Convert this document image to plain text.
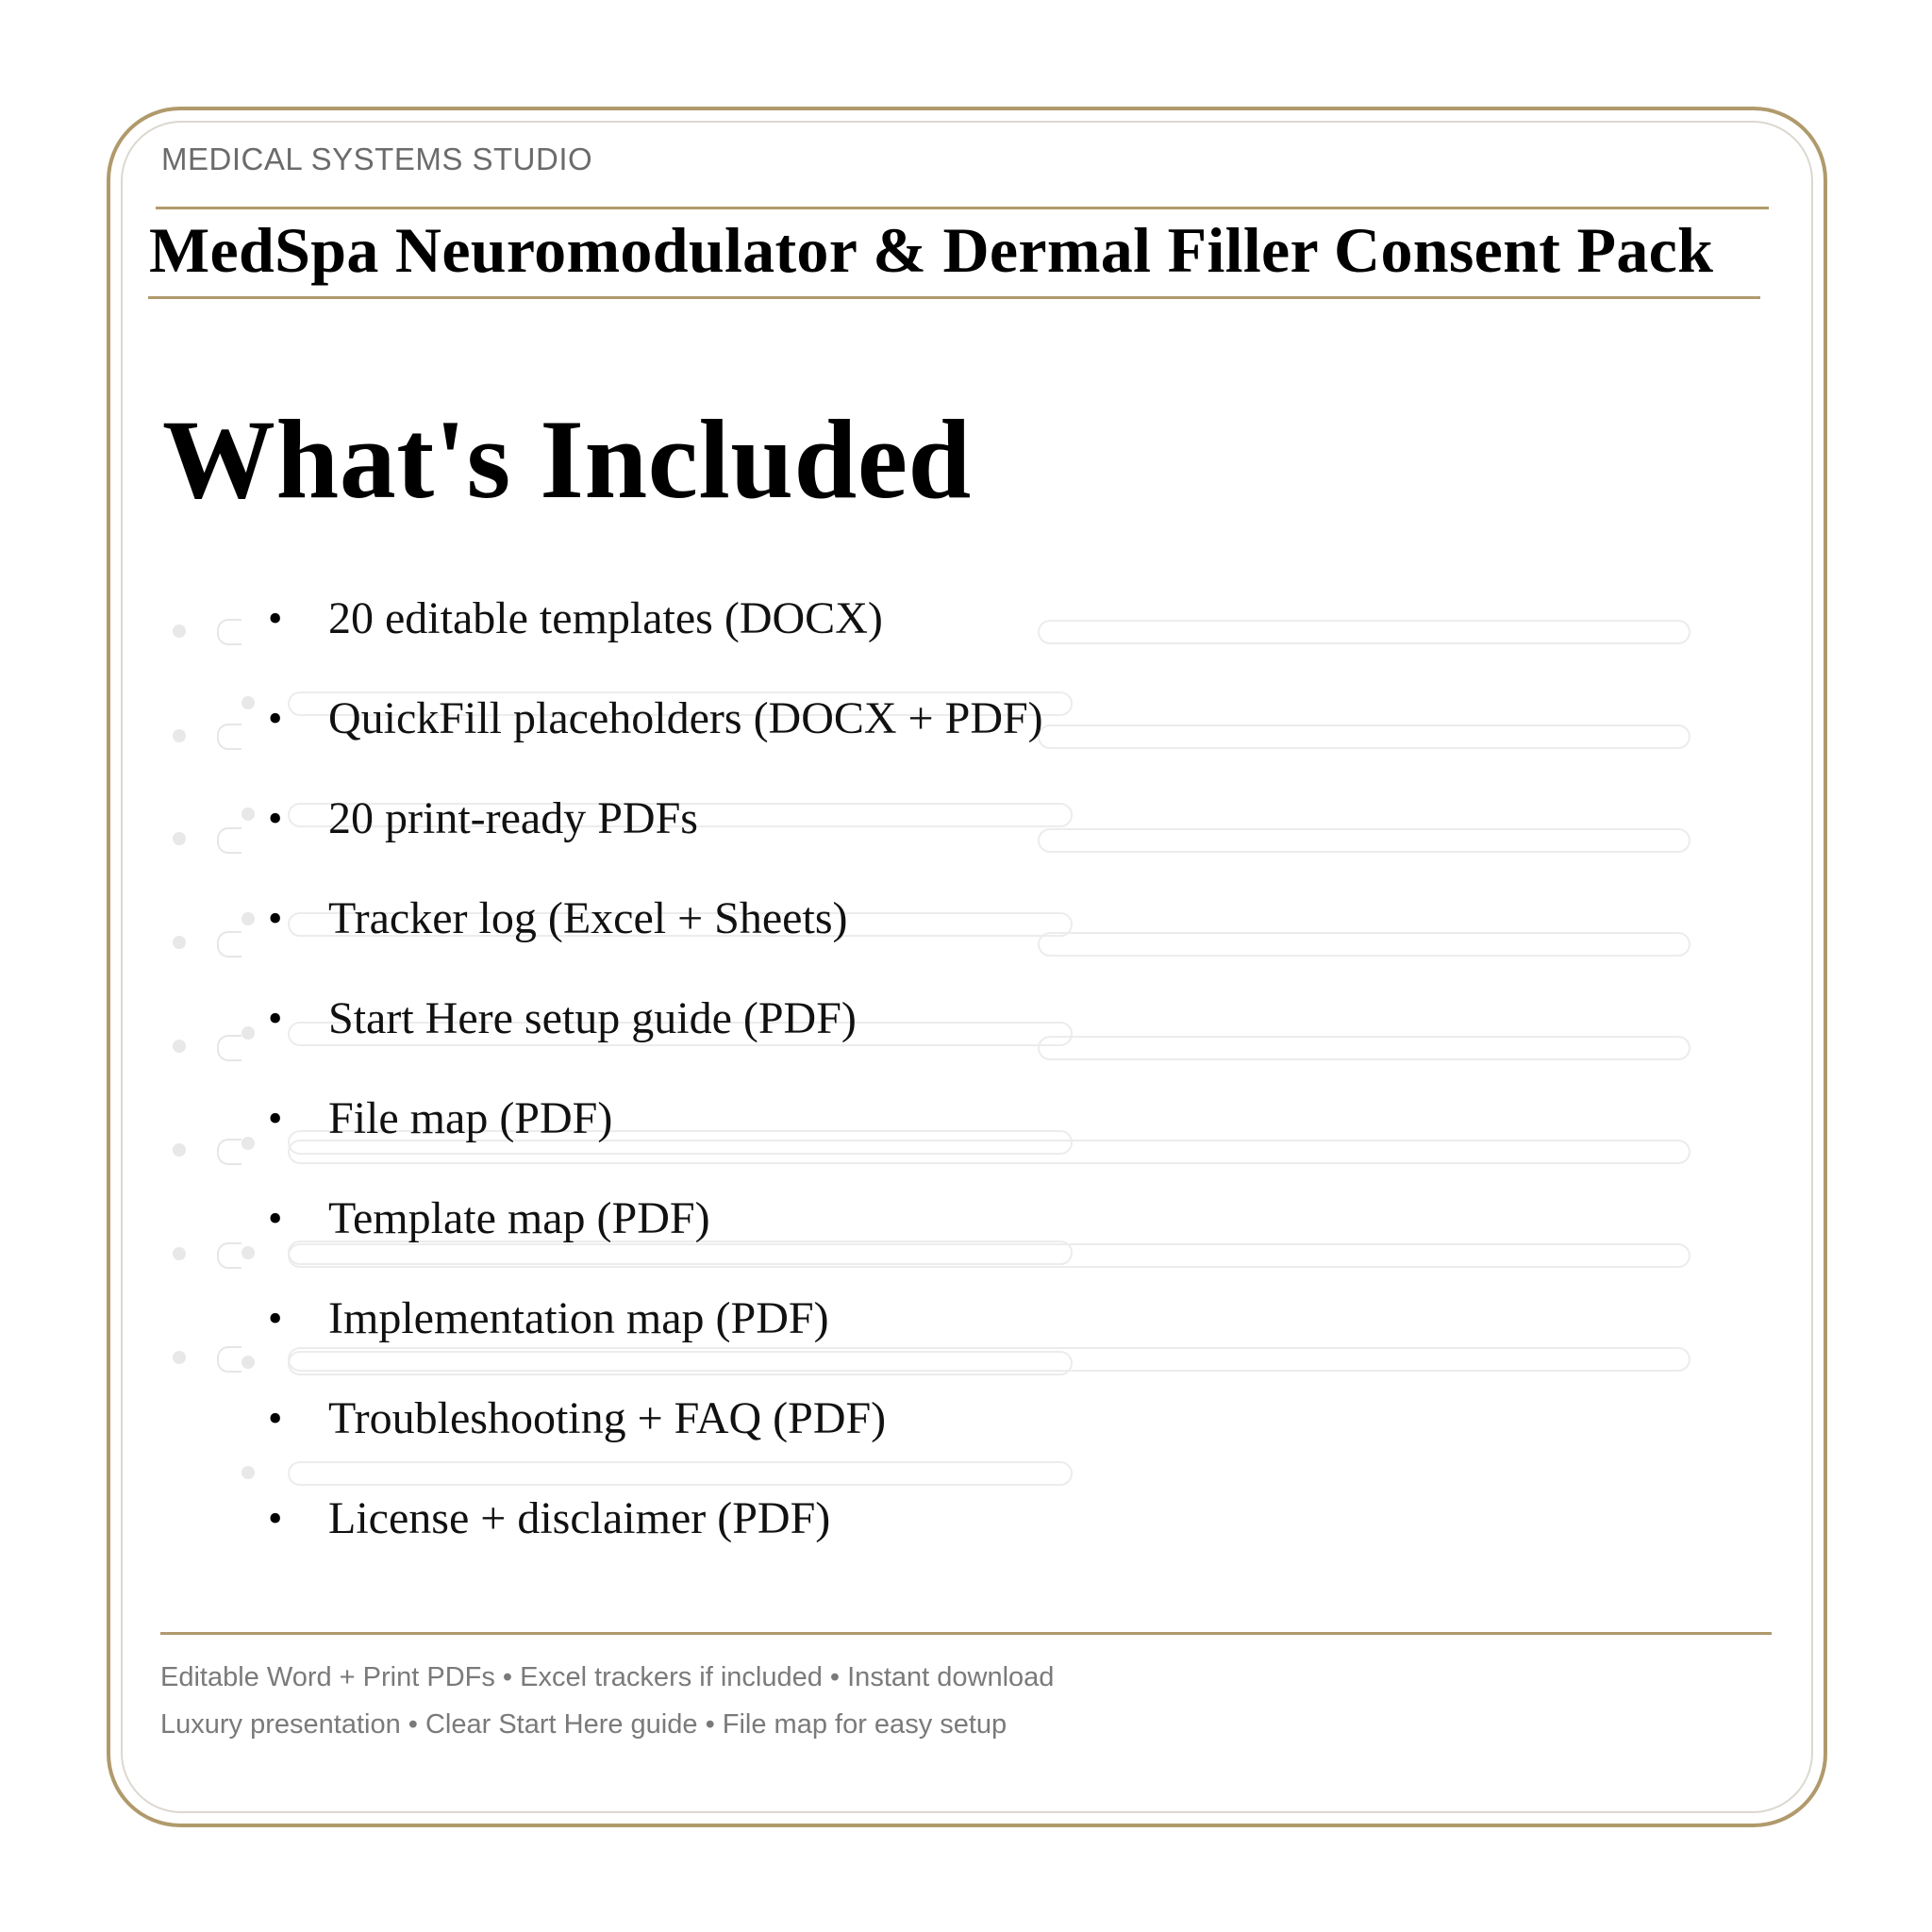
MEDICAL SYSTEMS STUDIO
MedSpa Neuromodulator & Dermal Filler Consent Pack
What's Included
•	20 editable templates (DOCX)
•	QuickFill placeholders (DOCX + PDF)
•	20 print-ready PDFs
•	Tracker log (Excel + Sheets)
•	Start Here setup guide (PDF)
•	File map (PDF)
•	Template map (PDF)
•	Implementation map (PDF)
•	Troubleshooting + FAQ (PDF)
•	License + disclaimer (PDF)
Editable Word + Print PDFs • Excel trackers if included • Instant download
Luxury presentation • Clear Start Here guide • File map for easy setup
